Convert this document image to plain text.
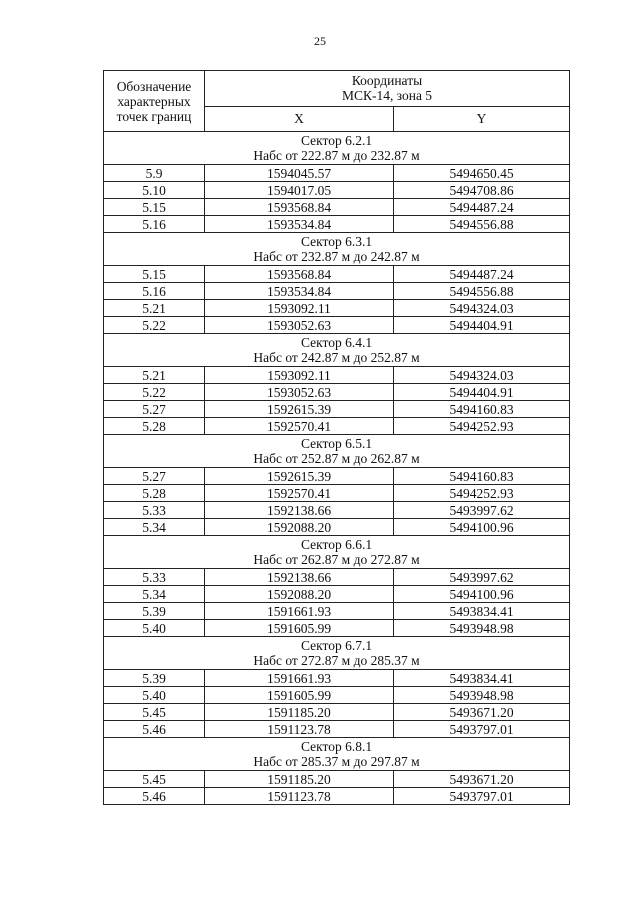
25
Обозначение характерных точек границ	Координаты
МСК-14, зона 5	
	X	Y

Сектор 6.2.1
Набс от 222.87 м до 232.87 м		

5.9	1594045.57	5494650.45
5.10	1594017.05	5494708.86
5.15	1593568.84	5494487.24
5.16	1593534.84	5494556.88

Сектор 6.3.1
Набс от 232.87 м до 242.87 м		

5.15	1593568.84	5494487.24
5.16	1593534.84	5494556.88
5.21	1593092.11	5494324.03
5.22	1593052.63	5494404.91

Сектор 6.4.1
Набс от 242.87 м до 252.87 м		

5.21	1593092.11	5494324.03
5.22	1593052.63	5494404.91
5.27	1592615.39	5494160.83
5.28	1592570.41	5494252.93

Сектор 6.5.1
Набс от 252.87 м до 262.87 м		

5.27	1592615.39	5494160.83
5.28	1592570.41	5494252.93
5.33	1592138.66	5493997.62
5.34	1592088.20	5494100.96

Сектор 6.6.1
Набс от 262.87 м до 272.87 м		

5.33	1592138.66	5493997.62
5.34	1592088.20	5494100.96
5.39	1591661.93	5493834.41
5.40	1591605.99	5493948.98

Сектор 6.7.1
Набс от 272.87 м до 285.37 м		

5.39	1591661.93	5493834.41
5.40	1591605.99	5493948.98
5.45	1591185.20	5493671.20
5.46	1591123.78	5493797.01

Сектор 6.8.1
Набс от 285.37 м до 297.87 м		

5.45	1591185.20	5493671.20
5.46	1591123.78	5493797.01
